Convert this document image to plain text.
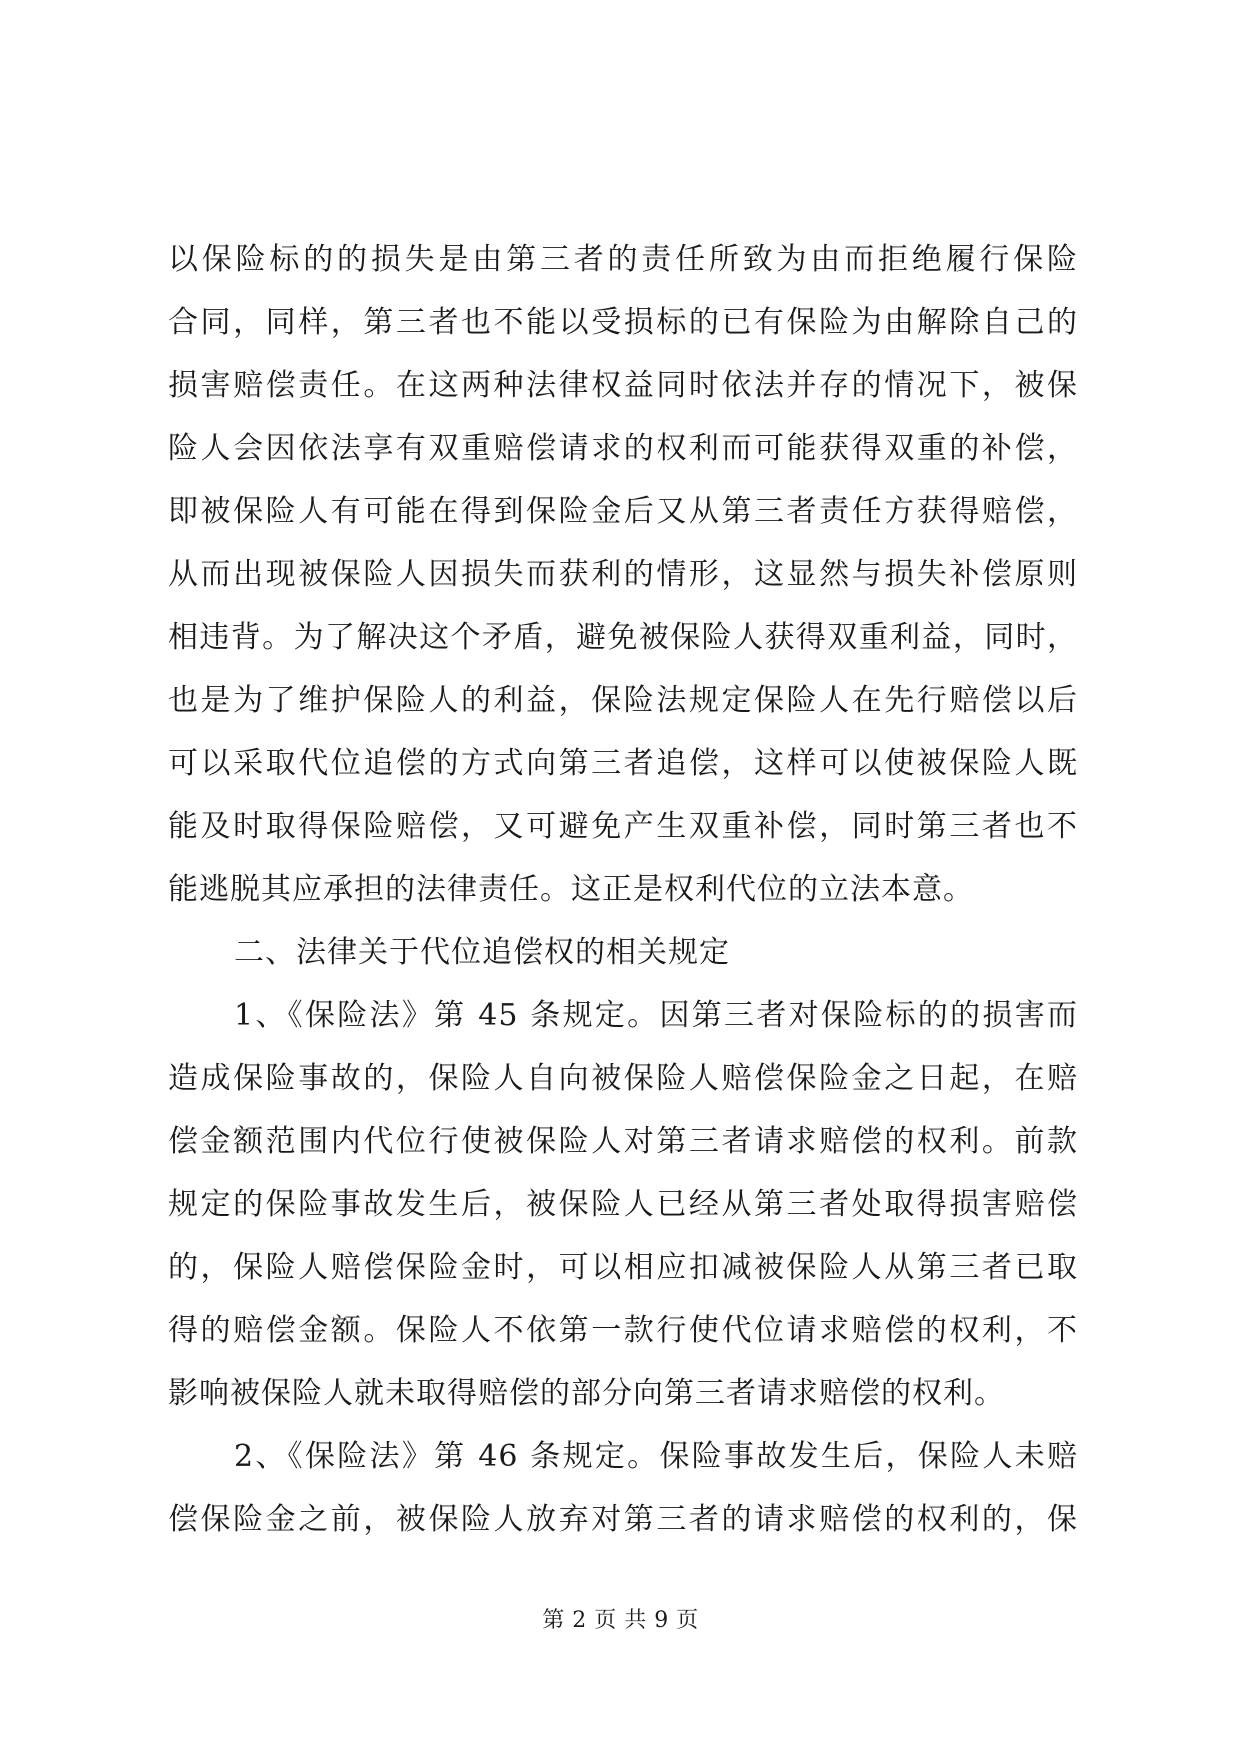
以保险标的的损失是由第三者的责任所致为由而拒绝履行保险
合同，同样，第三者也不能以受损标的已有保险为由解除自己的
损害赔偿责任。在这两种法律权益同时依法并存的情况下，被保
险人会因依法享有双重赔偿请求的权利而可能获得双重的补偿，
即被保险人有可能在得到保险金后又从第三者责任方获得赔偿，
从而出现被保险人因损失而获利的情形，这显然与损失补偿原则
相违背。为了解决这个矛盾，避免被保险人获得双重利益，同时，
也是为了维护保险人的利益，保险法规定保险人在先行赔偿以后
可以采取代位追偿的方式向第三者追偿，这样可以使被保险人既
能及时取得保险赔偿，又可避免产生双重补偿，同时第三者也不
能逃脱其应承担的法律责任。这正是权利代位的立法本意。
二、法律关于代位追偿权的相关规定
1、《保险法》第 45 条规定。因第三者对保险标的的损害而
造成保险事故的，保险人自向被保险人赔偿保险金之日起，在赔
偿金额范围内代位行使被保险人对第三者请求赔偿的权利。前款
规定的保险事故发生后，被保险人已经从第三者处取得损害赔偿
的，保险人赔偿保险金时，可以相应扣减被保险人从第三者已取
得的赔偿金额。保险人不依第一款行使代位请求赔偿的权利，不
影响被保险人就未取得赔偿的部分向第三者请求赔偿的权利。
2、《保险法》第 46 条规定。保险事故发生后，保险人未赔
偿保险金之前，被保险人放弃对第三者的请求赔偿的权利的，保
第 2 页 共 9 页
